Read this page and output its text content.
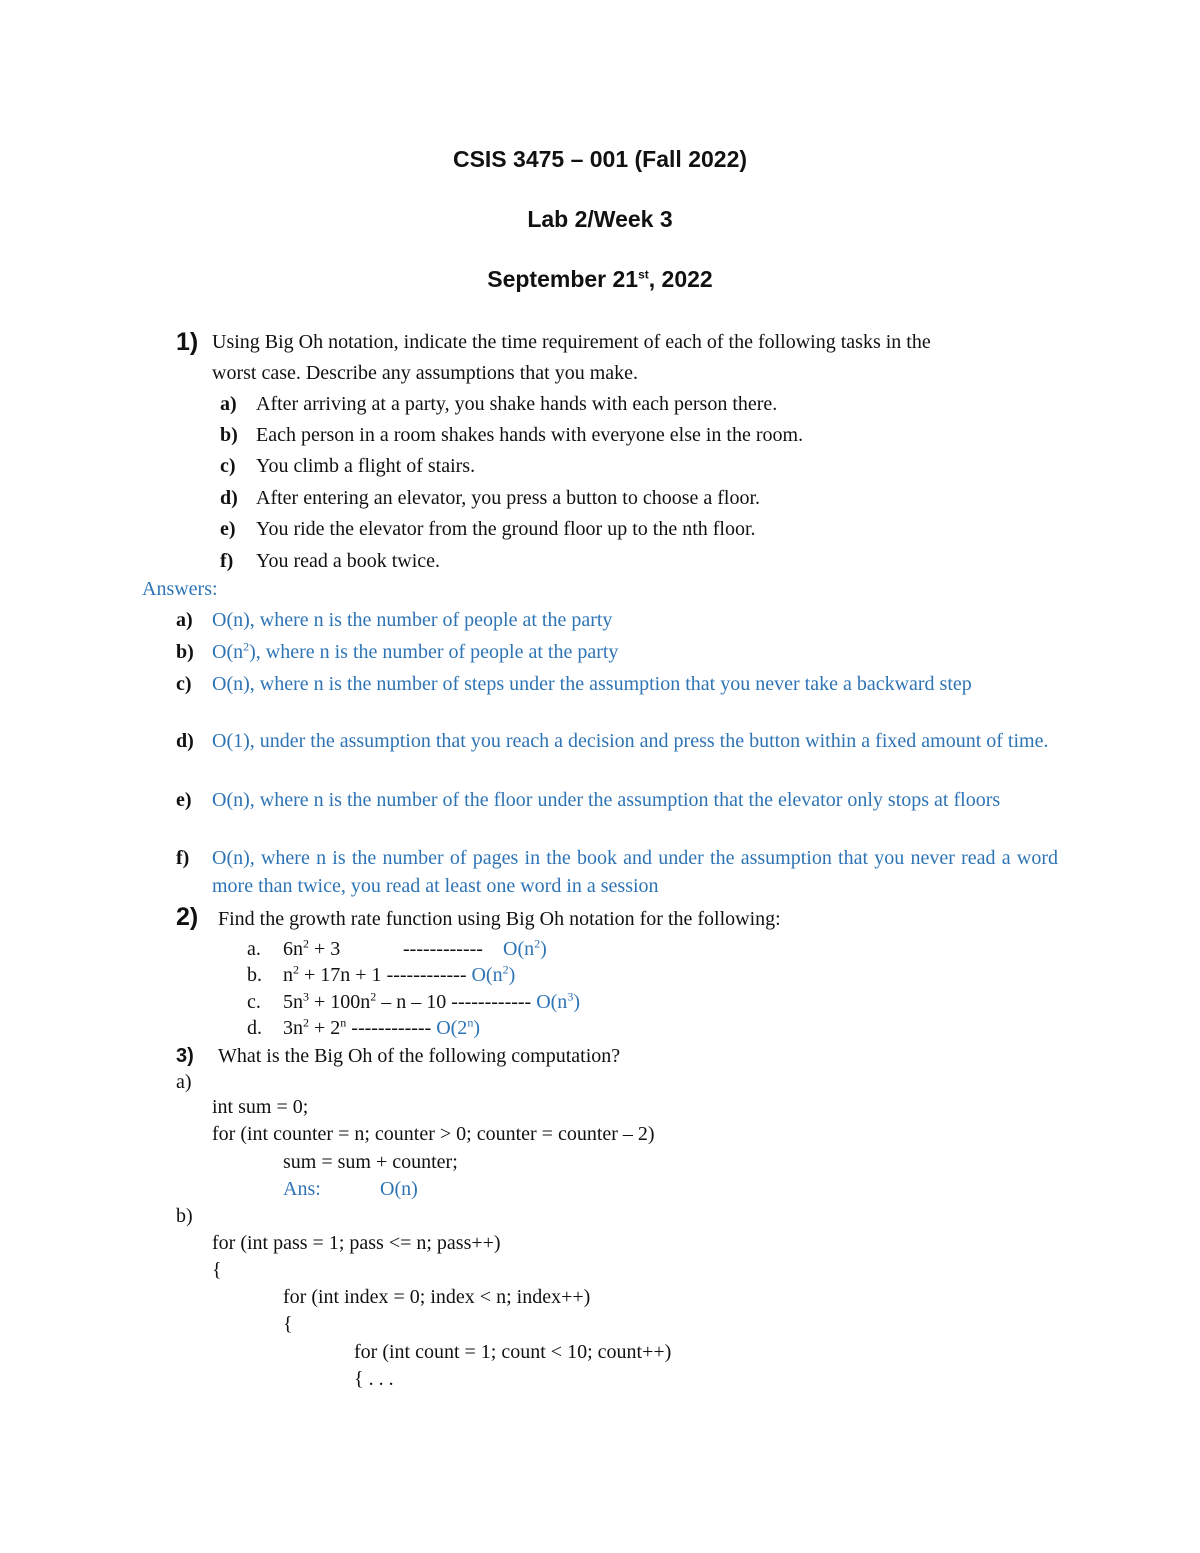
CSIS 3475 – 001 (Fall 2022)
Lab 2/Week 3
September 21st, 2022
1) Using Big Oh notation, indicate the time requirement of each of the following tasks in the
worst case. Describe any assumptions that you make.
a) After arriving at a party, you shake hands with each person there.
b) Each person in a room shakes hands with everyone else in the room.
c) You climb a flight of stairs.
d) After entering an elevator, you press a button to choose a floor.
e) You ride the elevator from the ground floor up to the nth floor.
f) You read a book twice.
Answers:
a) O(n), where n is the number of people at the party
b) $O(n^2)$, where n is the number of people at the party
c) O(n), where n is the number of steps under the assumption that you never take a backward step
d) O(1), under the assumption that you reach a decision and press the button within a fixed amount of time.
e) O(n), where n is the number of the floor under the assumption that the elevator only stops at floors
f) O(n), where n is the number of pages in the book and under the assumption that you never read a word more than twice, you read at least one word in a session
2) Find the growth rate function using Big Oh notation for the following:
a. $6n^2 + 3$	------------ $O(n^2)$
b. $n^2 + 17n + 1$ ------------ $O(n^2)$
c. $5n^3 + 100n^2 - n - 10$ ------------ $O(n^3)$
d. $3n^2 + 2^n$ ------------ O(2$^n$)
3) What is the Big Oh of the following computation?
a)
int sum = 0;
for (int counter = n; counter > 0; counter = counter – 2)
sum = sum + counter;
Ans:	O(n)
b)
for (int pass = 1; pass <= n; pass++)
{
for (int index = 0; index < n; index++)
{
for (int count = 1; count < 10; count++)
{ . . .
